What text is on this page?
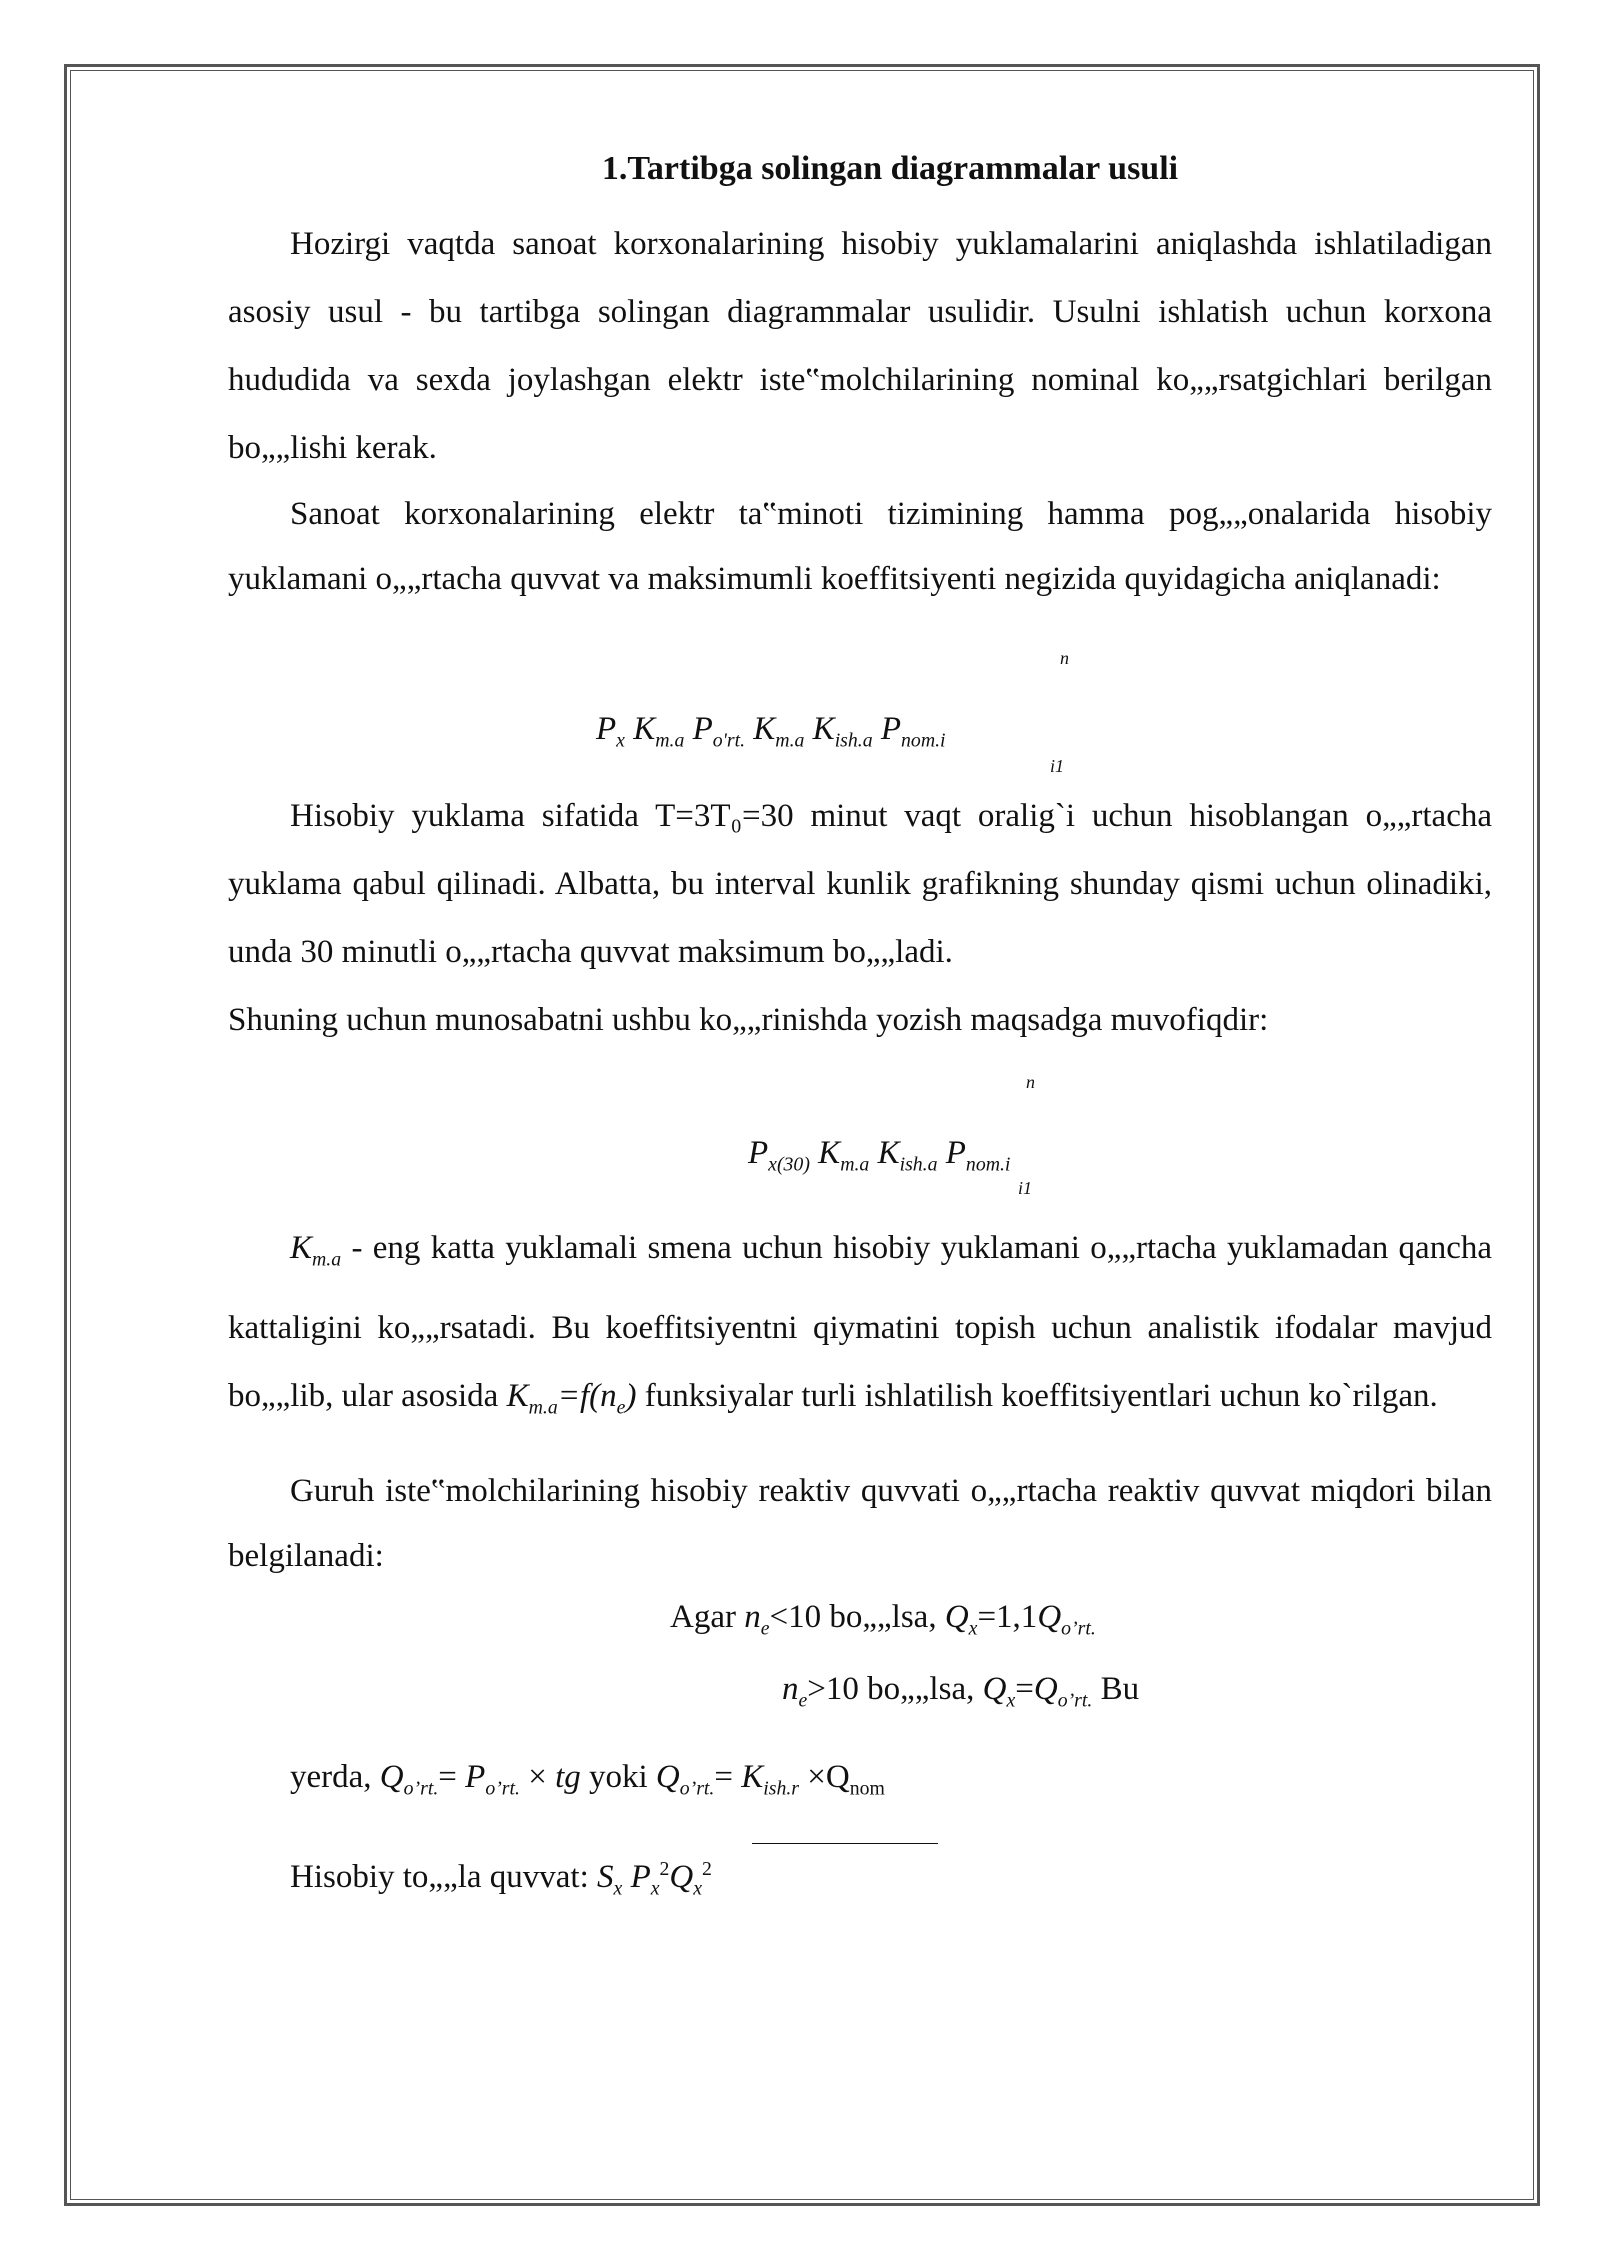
1.Tartibga solingan diagrammalar usuli

Hozirgi vaqtda sanoat korxonalarining hisobiy yuklamalarini aniqlashda ishlatiladigan asosiy usul - bu tartibga solingan diagrammalar usulidir. Usulni ishlatish uchun korxona hududida va sexda joylashgan elektr iste‟molchilarining nominal ko„„rsatgichlari berilgan bo„„lishi kerak.

Sanoat korxonalarining elektr ta‟minoti tizimining hamma pog„„onalarida hisobiy yuklamani o„„rtacha quvvat va maksimumli koeffitsiyenti negizida quyidagicha aniqlanadi:

n
$P_x$ $K_{m.a}$ $P_{o'rt.}$ $K_{m.a}$ $K_{ish.a}$ $P_{nom.i}$
i1

Hisobiy yuklama sifatida T=3T₀=30 minut vaqt oralig`i uchun hisoblangan o„„rtacha yuklama qabul qilinadi. Albatta, bu interval kunlik grafikning shunday qismi uchun olinadiki, unda 30 minutli o„„rtacha quvvat maksimum bo„„ladi.

Shuning uchun munosabatni ushbu ko„„rinishda yozish maqsadga muvofiqdir:

n
$P_{x(30)}$ $K_{m.a}$ $K_{ish.a}$ $P_{nom.i}$
i1

$K_{m.a}$ - eng katta yuklamali smena uchun hisobiy yuklamani o„„rtacha yuklamadan qancha kattaligini ko„„rsatadi. Bu koeffitsiyentni qiymatini topish uchun analistik ifodalar mavjud bo„„lib, ular asosida $K_{m.a}=f(n_e)$ funksiyalar turli ishlatilish koeffitsiyentlari uchun ko`rilgan.

Guruh iste‟molchilarining hisobiy reaktiv quvvati o„„rtacha reaktiv quvvat miqdori bilan belgilanadi:

Agar $n_e<10$ bo„„lsa, $Q_x=1,1Q_{o’rt.}$
$n_e>10$ bo„„lsa, $Q_x=Q_{o’rt.}$ Bu

yerda, $Q_{o’rt.}= P_{o’rt.}$ × tg yoki $Q_{o’rt.}= K_{ish.r} \times Q_{nom}$

Hisobiy to„„la quvvat: $S_x$ $P_x^2Q_x^2$
